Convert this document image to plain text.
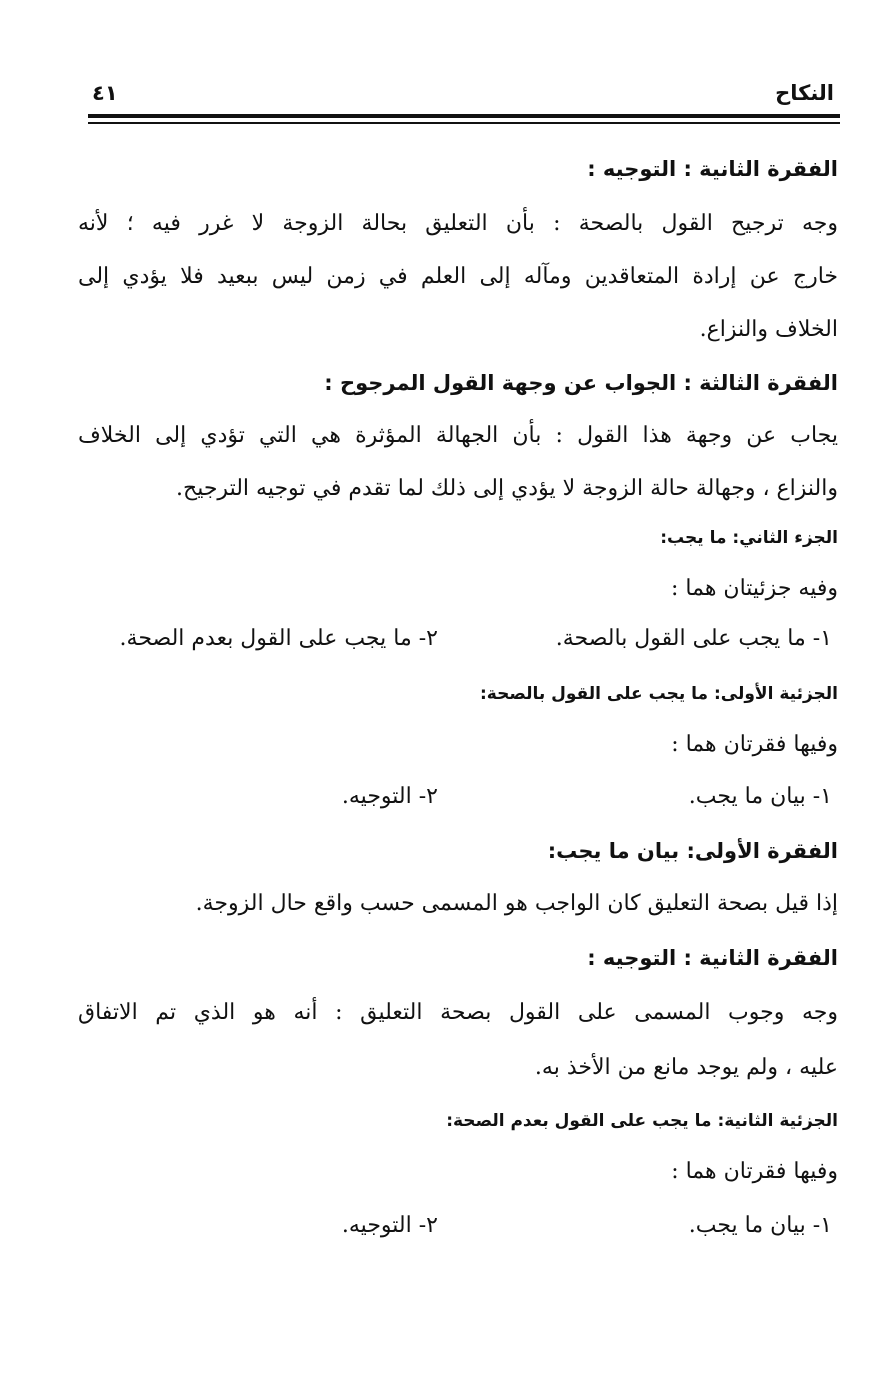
النكاح
٤١
الفقرة الثانية : التوجيه :
وجه ترجيح القول بالصحة : بأن التعليق بحالة الزوجة لا غرر فيه ؛ لأنه
خارج عن إرادة المتعاقدين ومآله إلى العلم في زمن ليس ببعيد فلا يؤدي إلى
الخلاف والنزاع.
الفقرة الثالثة : الجواب عن وجهة القول المرجوح :
يجاب عن وجهة هذا القول : بأن الجهالة المؤثرة هي التي تؤدي إلى الخلاف
والنزاع ، وجهالة حالة الزوجة لا يؤدي إلى ذلك لما تقدم في توجيه الترجيح.
الجزء الثاني: ما يجب:
وفيه جزئيتان هما :
١- ما يجب على القول بالصحة.
٢- ما يجب على القول بعدم الصحة.
الجزئية الأولى: ما يجب على القول بالصحة:
وفيها فقرتان هما :
١- بيان ما يجب.
٢- التوجيه.
الفقرة الأولى: بيان ما يجب:
إذا قيل بصحة التعليق كان الواجب هو المسمى حسب واقع حال الزوجة.
الفقرة الثانية : التوجيه :
وجه وجوب المسمى على القول بصحة التعليق : أنه هو الذي تم الاتفاق
عليه ، ولم يوجد مانع من الأخذ به.
الجزئية الثانية: ما يجب على القول بعدم الصحة:
وفيها فقرتان هما :
١- بيان ما يجب.
٢- التوجيه.
